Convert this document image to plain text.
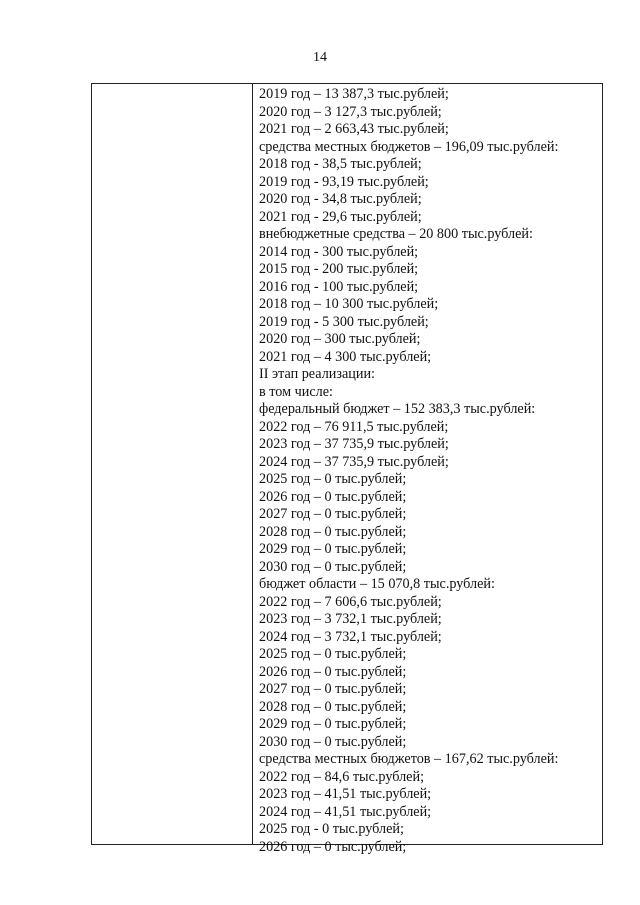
14
2019 год – 13 387,3 тыс.рублей;
2020 год – 3 127,3 тыс.рублей;
2021 год – 2 663,43 тыс.рублей;
средства местных бюджетов – 196,09 тыс.рублей:
2018 год - 38,5 тыс.рублей;
2019 год - 93,19 тыс.рублей;
2020 год - 34,8 тыс.рублей;
2021 год - 29,6 тыс.рублей;
внебюджетные средства – 20 800 тыс.рублей:
2014 год - 300 тыс.рублей;
2015 год - 200 тыс.рублей;
2016 год - 100 тыс.рублей;
2018 год – 10 300 тыс.рублей;
2019 год - 5 300 тыс.рублей;
2020 год – 300 тыс.рублей;
2021 год – 4 300 тыс.рублей;
II этап реализации:
в том числе:
федеральный бюджет – 152 383,3 тыс.рублей:
2022 год – 76 911,5 тыс.рублей;
2023 год – 37 735,9 тыс.рублей;
2024 год – 37 735,9 тыс.рублей;
2025 год – 0 тыс.рублей;
2026 год – 0 тыс.рублей;
2027 год – 0 тыс.рублей;
2028 год – 0 тыс.рублей;
2029 год – 0 тыс.рублей;
2030 год – 0 тыс.рублей;
бюджет области – 15 070,8 тыс.рублей:
2022 год – 7 606,6 тыс.рублей;
2023 год – 3 732,1 тыс.рублей;
2024 год – 3 732,1 тыс.рублей;
2025 год – 0 тыс.рублей;
2026 год – 0 тыс.рублей;
2027 год – 0 тыс.рублей;
2028 год – 0 тыс.рублей;
2029 год – 0 тыс.рублей;
2030 год – 0 тыс.рублей;
средства местных бюджетов – 167,62 тыс.рублей:
2022 год – 84,6 тыс.рублей;
2023 год – 41,51 тыс.рублей;
2024 год – 41,51 тыс.рублей;
2025 год - 0 тыс.рублей;
2026 год – 0 тыс.рублей;
